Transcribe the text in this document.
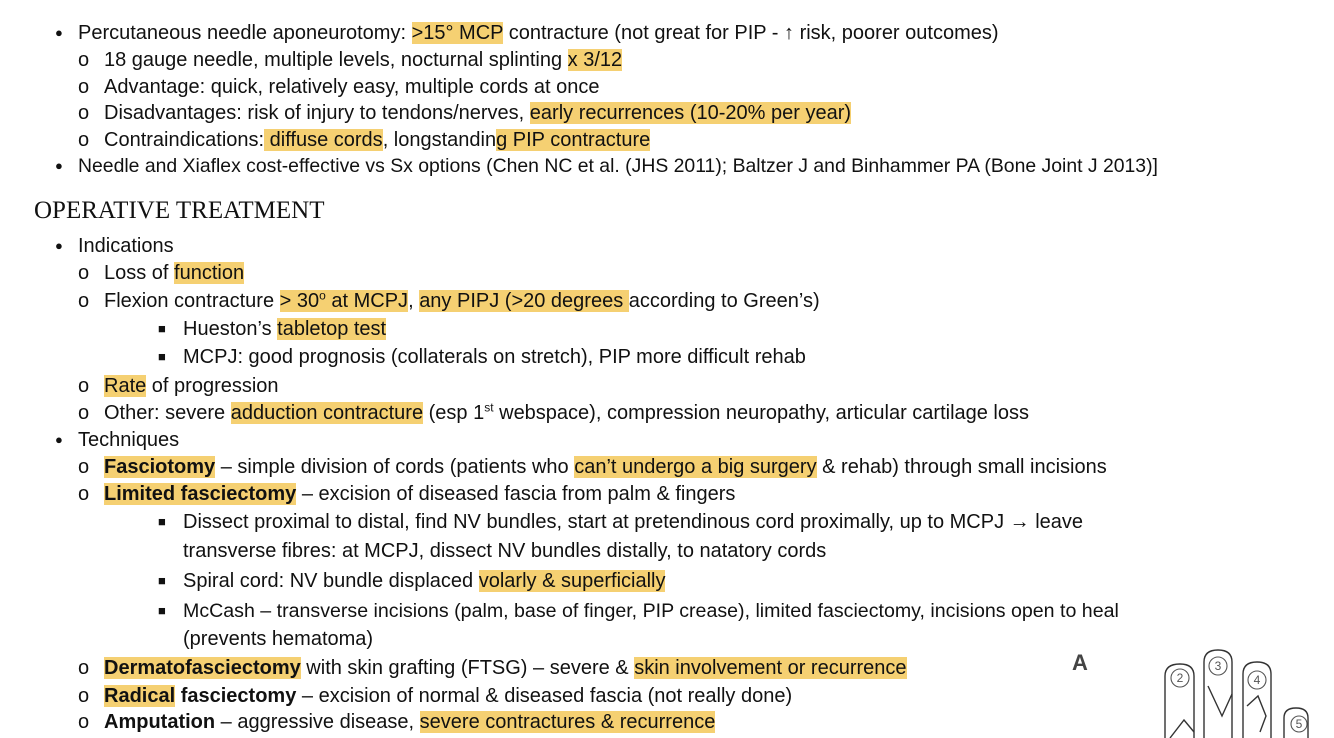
● Percutaneous needle aponeurotomy: >15° MCP contracture (not great for PIP - ↑ risk, poorer outcomes)
o 18 gauge needle, multiple levels, nocturnal splinting x 3/12
o Advantage: quick, relatively easy, multiple cords at once
o Disadvantages: risk of injury to tendons/nerves, early recurrences (10-20% per year)
o Contraindications: diffuse cords, longstanding PIP contracture
● Needle and Xiaflex cost-effective vs Sx options (Chen NC et al. (JHS 2011); Baltzer J and Binhammer PA (Bone Joint J 2013)]
OPERATIVE TREATMENT
● Indications
o Loss of function
o Flexion contracture > $30^o$ at MCPJ, any PIPJ (>20 degrees according to Green’s)
■ Hueston’s tabletop test
■ MCPJ: good prognosis (collaterals on stretch), PIP more difficult rehab
o Rate of progression
o Other: severe adduction contracture (esp 1st webspace), compression neuropathy, articular cartilage loss
● Techniques
o Fasciotomy – simple division of cords (patients who can’t undergo a big surgery & rehab) through small incisions
o Limited fasciectomy – excision of diseased fascia from palm & fingers
■ Dissect proximal to distal, find NV bundles, start at pretendinous cord proximally, up to MCPJ → leave
transverse fibres: at MCPJ, dissect NV bundles distally, to natatory cords
■ Spiral cord: NV bundle displaced volarly & superficially
■ McCash – transverse incisions (palm, base of finger, PIP crease), limited fasciectomy, incisions open to heal
(prevents hematoma)
o Dermatofasciectomy with skin grafting (FTSG) – severe & skin involvement or recurrence
o Radical fasciectomy – excision of normal & diseased fascia (not really done)
o Amputation – aggressive disease, severe contractures & recurrence
A
2
3
4
5
